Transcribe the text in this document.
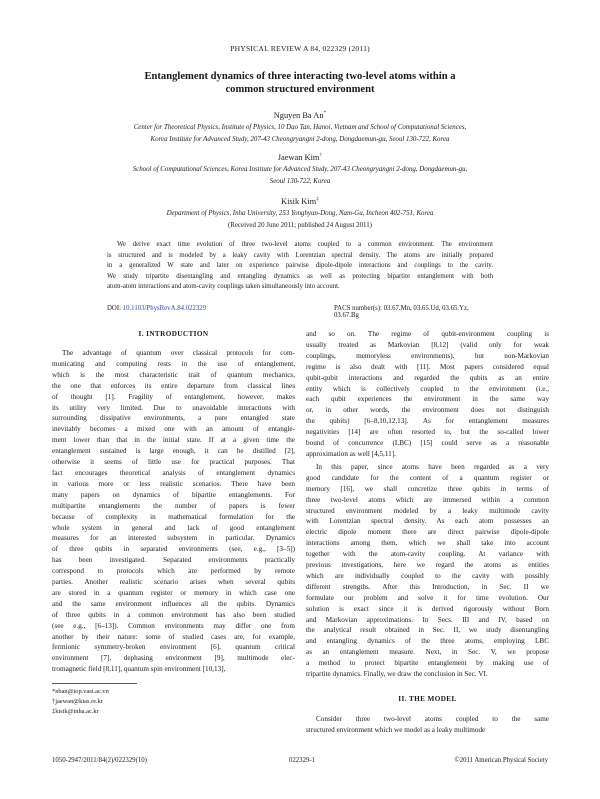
PHYSICAL REVIEW A 84, 022329 (2011)
Entanglement dynamics of three interacting two-level atoms within a
common structured environment
Nguyen Ba An*
Center for Theoretical Physics, Institute of Physics, 10 Dao Tan, Hanoi, Vietnam and School of Computational Sciences,
Korea Institute for Advanced Study, 207-43 Cheongryangni 2-dong, Dongdaemun-gu, Seoul 130-722, Korea
Jaewan Kim†
School of Computational Sciences, Korea Institute for Advanced Study, 207-43 Cheongryangni 2-dong, Dongdaemun-gu,
Seoul 130-722, Korea
Kisik Kim‡
Department of Physics, Inha University, 253 Yonghyun-Dong, Nam-Gu, Incheon 402-751, Korea
(Received 20 June 2011; published 24 August 2011)
We derive exact time evolution of three two-level atoms coupled to a common environment. The environment
is structured and is modeled by a leaky cavity with Lorentzian spectral density. The atoms are initially prepared
in a generalized W state and later on experience pairwise dipole-dipole interactions and couplings to the cavity.
We study tripartite disentangling and entangling dynamics as well as protecting bipartite entanglement with both
atom-atom interactions and atom-cavity couplings taken simultaneously into account.
DOI: 10.1103/PhysRevA.84.022329	PACS number(s): 03.67.Mn, 03.65.Ud, 03.65.Yz, 03.67.Bg
I. INTRODUCTION

The advantage of quantum over classical protocols for com-
municating and computing rests in the use of entanglement,
which is the most characteristic trait of quantum mechanics,
the one that enforces its entire departure from classical lines
of thought [1]. Fragility of entanglement, however, makes
its utility very limited. Due to unavoidable interactions with
surrounding dissipative environments, a pure entangled state
inevitably becomes a mixed one with an amount of entangle-
ment lower than that in the initial state. If at a given time the
entanglement sustained is large enough, it can be distilled [2],
otherwise it seems of little use for practical purposes. That
fact encourages theoretical analysis of entanglement dynamics
in various more or less realistic scenarios. There have been
many papers on dynamics of bipartite entanglements. For
multipartite entanglements the number of papers is fewer
because of complexity in mathematical formulation for the
whole system in general and lack of good entanglement
measures for an interested subsystem in particular. Dynamics
of three qubits in separated environments (see, e.g., [3–5])
has been investigated. Separated environments practically
correspond to protocols which are performed by remote
parties. Another realistic scenario arises when several qubits
are stored in a quantum register or memory in which case one
and the same environment influences all the qubits. Dynamics
of three qubits in a common environment has also been studied
(see e.g., [6–13]). Common environments may differ one from
another by their nature: some of studied cases are, for example,
fermionic symmetry-broken environment [6], quantum critical
environment [7], dephasing environment [9], multimode elec-
tromagnetic field [8,11], quantum spin environment [10,13],

and so on. The regime of qubit-environment coupling is
usually treated as Markovian [8,12] (valid only for weak
couplings, memoryless environments), but non-Markovian
regime is also dealt with [11]. Most papers considered equal
qubit-qubit interactions and regarded the qubits as an entire
entity which is collectively coupled to the environment (i.e.,
each qubit experiences the environment in the same way
or, in other words, the environment does not distinguish
the qubits) [6–8,10,12,13]. As for entanglement measures
negativities [14] are often resorted to, but the so-called lower
bound of concurrence (LBC) [15] could serve as a reasonable
approximation as well [4,5,11].

In this paper, since atoms have been regarded as a very
good candidate for the content of a quantum register or
memory [16], we shall concretize three qubits in terms of
three two-level atoms which are immersed within a common
structured environment modeled by a leaky multimode cavity
with Lorentzian spectral density. As each atom possesses an
electric dipole moment there are direct pairwise dipole-dipole
interactions among them, which we shall take into account
together with the atom-cavity coupling. At variance with
previous investigations, here we regard the atoms as entities
which are individually coupled to the cavity with possibly
different strengths. After this Introduction, in Sec. II we
formulate our problem and solve it for time evolution. Our
solution is exact since it is derived rigorously without Born
and Markovian approximations. In Secs. III and IV, based on
the analytical result obtained in Sec. II, we study disentangling
and entangling dynamics of the three atoms, employing LBC
as an entanglement measure. Next, in Sec. V, we propose
a method to protect bipartite entanglement by making use of
tripartite dynamics. Finally, we draw the conclusion in Sec. VI.

II. THE MODEL

Consider three two-level atoms coupled to the same
structured environment which we model as a leaky multimode

*nban@iop.vast.ac.vn
†jaewan@kias.re.kr
‡kisik@inha.ac.kr
1050-2947/2011/84(2)/022329(10)	022329-1	©2011 American Physical Society
